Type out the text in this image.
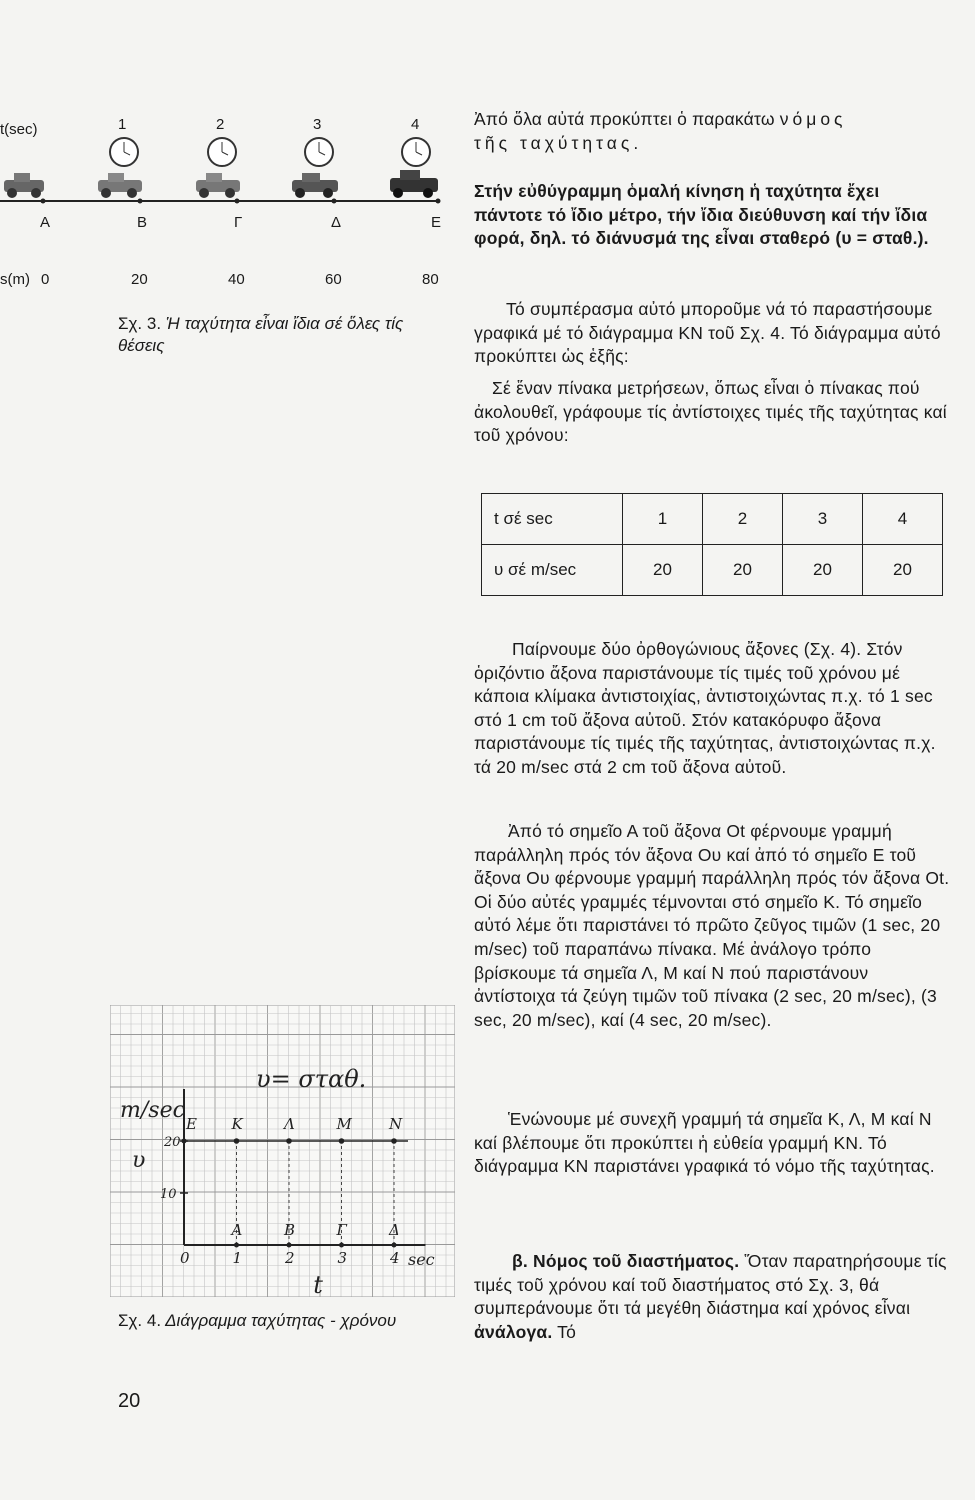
t(sec)	1	2	3	4
A	B	Γ	Δ	E
s(m) 0	20	40	60	80
Σχ. 3. Ἡ ταχύτητα εἶναι ἴδια σέ ὅλες τίς θέσεις
υ= σταθ.
m/sec
υ
20
10
E K	Λ	M N
A	B	Γ	Δ
0	1	2	3	4 sec
t
Σχ. 4. Διάγραμμα ταχύτητας - χρόνου

Ἀπό ὅλα αὐτά προκύπτει ὁ παρακάτω νόμος
τῆς ταχύτητας.

Στήν εὐθύγραμμη ὁμαλή κίνηση ἡ ταχύτητα ἔχει πάντοτε τό ἴδιο μέτρο, τήν ἴδια διεύθυνση καί τήν ἴδια φορά, δηλ. τό διάνυσμά της εἶναι σταθερό (υ = σταθ.).
Τό συμπέρασμα αὐτό μποροῦμε νά τό παραστήσουμε γραφικά μέ τό διάγραμμα ΚΝ τοῦ Σχ. 4. Τό διάγραμμα αὐτό προκύπτει ὡς ἑξῆς:
Σέ ἕναν πίνακα μετρήσεων, ὅπως εἶναι ὁ πίνακας πού ἀκολουθεῖ, γράφουμε τίς ἀντίστοιχες τιμές τῆς ταχύτητας καί τοῦ χρόνου:
t σέ sec	1	2	3	4
υ σέ m/sec	20	20	20	20
Παίρνουμε δύο ὀρθογώνιους ἄξονες (Σχ. 4). Στόν ὁριζόντιο ἄξονα παριστάνουμε τίς τιμές τοῦ χρόνου μέ κάποια κλίμακα ἀντιστοιχίας, ἀντιστοιχώντας π.χ. τό 1 sec στό 1 cm τοῦ ἄξονα αὐτοῦ. Στόν κατακόρυφο ἄξονα παριστάνουμε τίς τιμές τῆς ταχύτητας, ἀντιστοιχώντας π.χ. τά 20 m/sec στά 2 cm τοῦ ἄξονα αὐτοῦ.
Ἀπό τό σημεῖο Α τοῦ ἄξονα Οt φέρνουμε γραμμή παράλληλη πρός τόν ἄξονα Ου καί ἀπό τό σημεῖο Ε τοῦ ἄξονα Ου φέρνουμε γραμμή παράλληλη πρός τόν ἄξονα Οt. Οἱ δύο αὐτές γραμμές τέμνονται στό σημεῖο Κ. Τό σημεῖο αὐτό λέμε ὅτι παριστάνει τό πρῶτο ζεῦγος τιμῶν (1 sec, 20 m/sec) τοῦ παραπάνω πίνακα. Μέ ἀνάλογο τρόπο βρίσκουμε τά σημεῖα Λ, Μ καί Ν πού παριστάνουν ἀντίστοιχα τά ζεύγη τιμῶν τοῦ πίνακα (2 sec, 20 m/sec), (3 sec, 20 m/sec), καί (4 sec, 20 m/sec).
Ἑνώνουμε μέ συνεχῆ γραμμή τά σημεῖα Κ, Λ, Μ καί Ν καί βλέπουμε ὅτι προκύπτει ἡ εὐθεία γραμμή ΚΝ. Τό διάγραμμα ΚΝ παριστάνει γραφικά τό νόμο τῆς ταχύτητας.
β. Νόμος τοῦ διαστήματος. Ὅταν παρατηρήσουμε τίς τιμές τοῦ χρόνου καί τοῦ διαστήματος στό Σχ. 3, θά συμπεράνουμε ὅτι τά μεγέθη διάστημα καί χρόνος εἶναι ἀνάλογα. Τό
20
